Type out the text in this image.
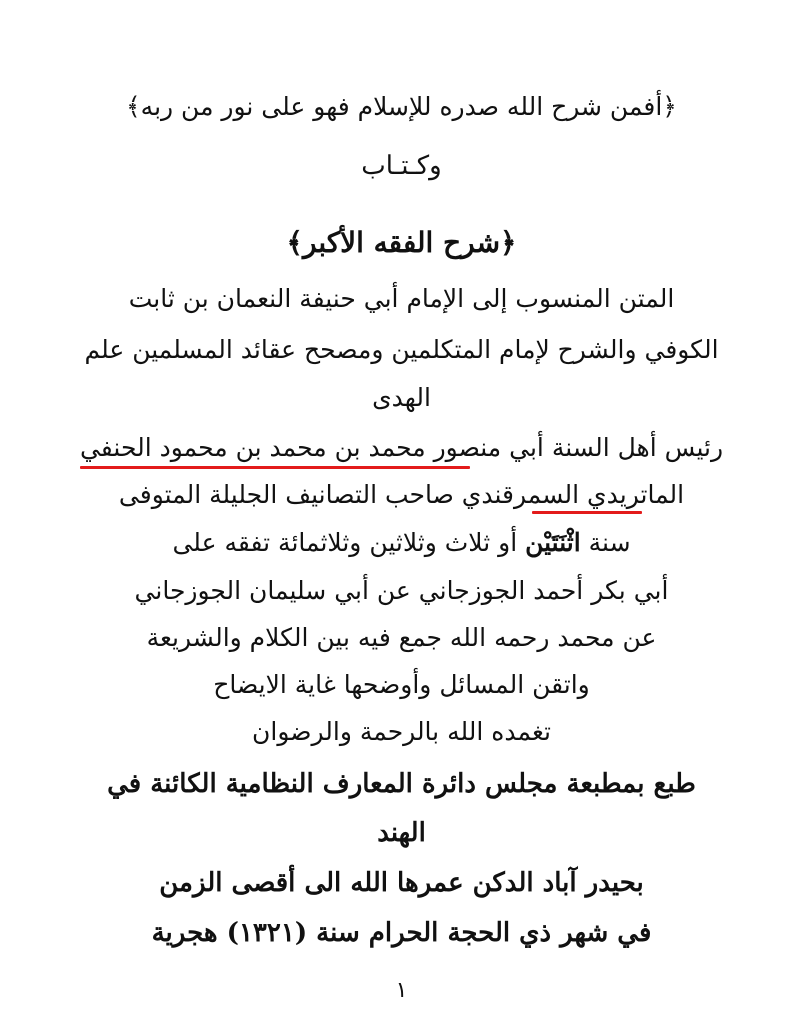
﴿أفمن شرح الله صدره للإسلام فهو على نور من ربه﴾
وكـتـاب
﴿شرح الفقه الأكبر﴾
المتن المنسوب إلى الإمام أبي حنيفة النعمان بن ثابت
الكوفي والشرح لإمام المتكلمين ومصحح عقائد المسلمين علم
الهدى
رئيس أهل السنة أبي منصور محمد بن محمد بن محمود الحنفي
الماتريدي السمرقندي صاحب التصانيف الجليلة المتوفى
سنة اثْنَتَيْن أو ثلاث وثلاثين وثلاثمائة تفقه على
أبي بكر أحمد الجوزجاني عن أبي سليمان الجوزجاني
عن محمد رحمه الله جمع فيه بين الكلام والشريعة
واتقن المسائل وأوضحها غاية الايضاح
تغمده الله بالرحمة والرضوان
طبع بمطبعة مجلس دائرة المعارف النظامية الكائنة في
الهند
بحيدر آباد الدكن عمرها الله الى أقصى الزمن
في شهر ذي الحجة الحرام سنة (١٣٢١) هجرية
١
